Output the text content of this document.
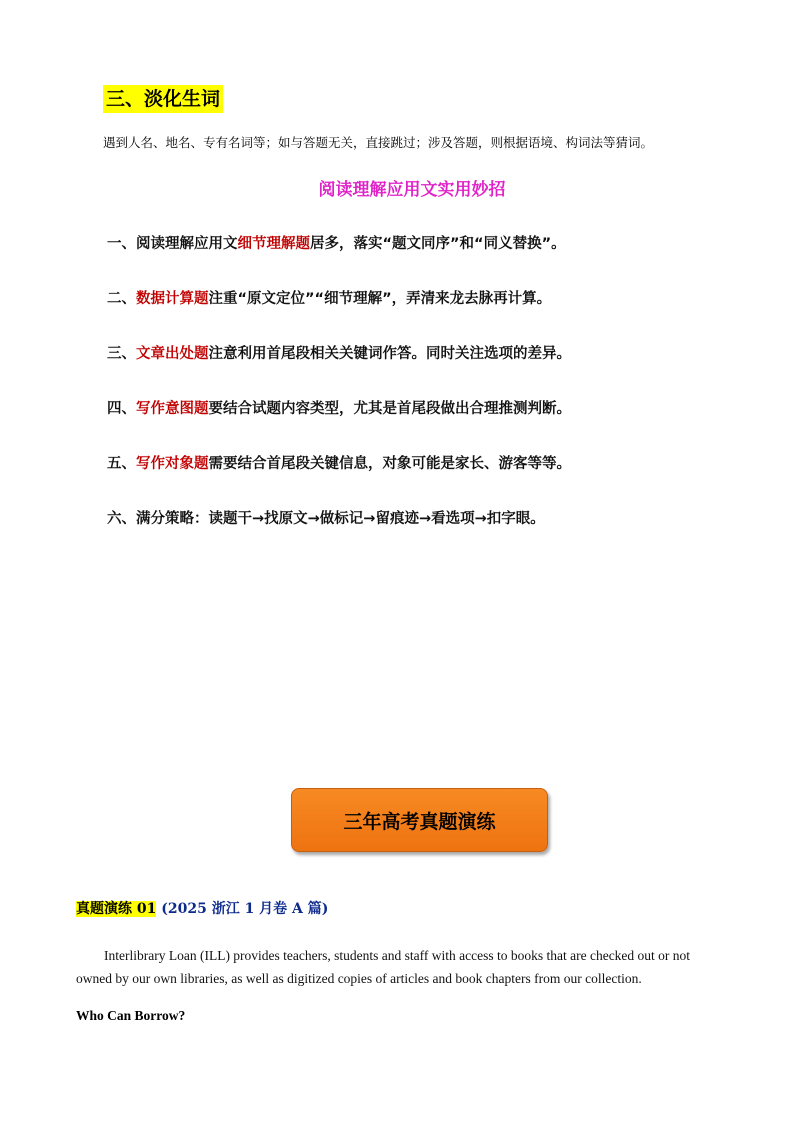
三、淡化生词
遇到人名、地名、专有名词等；如与答题无关，直接跳过；涉及答题，则根据语境、构词法等猜词。
阅读理解应用文实用妙招
一、阅读理解应用文细节理解题居多，落实“题文同序”和“同义替换”。
二、数据计算题注重“原文定位”“细节理解”，弄清来龙去脉再计算。
三、文章出处题注意利用首尾段相关关键词作答。同时关注选项的差异。
四、写作意图题要结合试题内容类型，尤其是首尾段做出合理推测判断。
五、写作对象题需要结合首尾段关键信息，对象可能是家长、游客等等。
六、满分策略：读题干→找原文→做标记→留痕迹→看选项→扣字眼。
三年高考真题演练
真题演练 01 (2025 浙江 1 月卷 A 篇)
Interlibrary Loan (ILL) provides teachers, students and staff with access to books that are checked out or not owned by our own libraries, as well as digitized copies of articles and book chapters from our collection.
Who Can Borrow?
